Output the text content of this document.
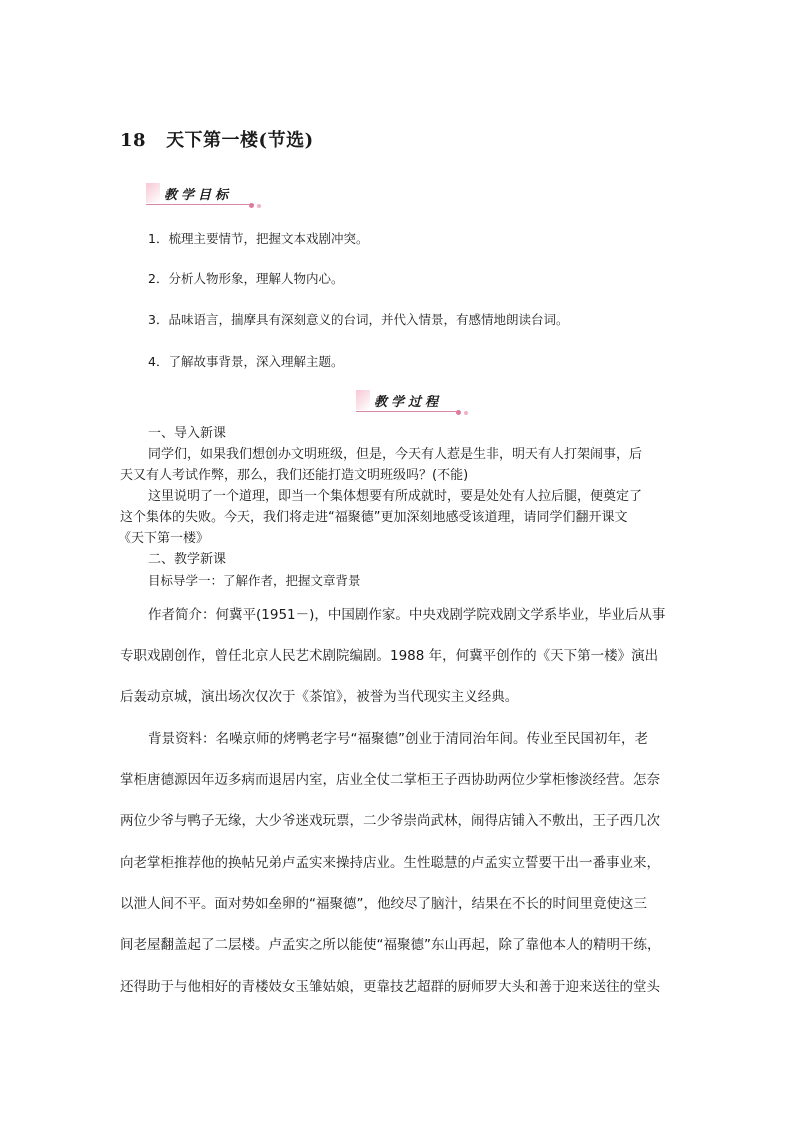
18 天下第一楼(节选)
教学目标
1．梳理主要情节，把握文本戏剧冲突。
2．分析人物形象，理解人物内心。
3．品味语言，揣摩具有深刻意义的台词，并代入情景，有感情地朗读台词。
4．了解故事背景，深入理解主题。
教学过程
一、导入新课
同学们，如果我们想创办文明班级，但是，今天有人惹是生非，明天有人打架闹事，后
天又有人考试作弊，那么，我们还能打造文明班级吗？(不能)
这里说明了一个道理，即当一个集体想要有所成就时，要是处处有人拉后腿，便奠定了
这个集体的失败。今天，我们将走进“福聚德”更加深刻地感受该道理，请同学们翻开课文
《天下第一楼》
二、教学新课
目标导学一：了解作者，把握文章背景
作者简介：何冀平(1951－)，中国剧作家。中央戏剧学院戏剧文学系毕业，毕业后从事
专职戏剧创作，曾任北京人民艺术剧院编剧。1988 年，何冀平创作的《天下第一楼》演出
后轰动京城，演出场次仅次于《茶馆》，被誉为当代现实主义经典。
背景资料：名噪京师的烤鸭老字号“福聚德”创业于清同治年间。传业至民国初年，老
掌柜唐德源因年迈多病而退居内室，店业全仗二掌柜王子西协助两位少掌柜惨淡经营。怎奈
两位少爷与鸭子无缘，大少爷迷戏玩票，二少爷崇尚武林，闹得店铺入不敷出，王子西几次
向老掌柜推荐他的换帖兄弟卢孟实来操持店业。生性聪慧的卢孟实立誓要干出一番事业来，
以泄人间不平。面对势如垒卵的“福聚德”，他绞尽了脑汁，结果在不长的时间里竟使这三
间老屋翻盖起了二层楼。卢孟实之所以能使“福聚德”东山再起，除了靠他本人的精明干练，
还得助于与他相好的青楼妓女玉雏姑娘，更靠技艺超群的厨师罗大头和善于迎来送往的堂头
